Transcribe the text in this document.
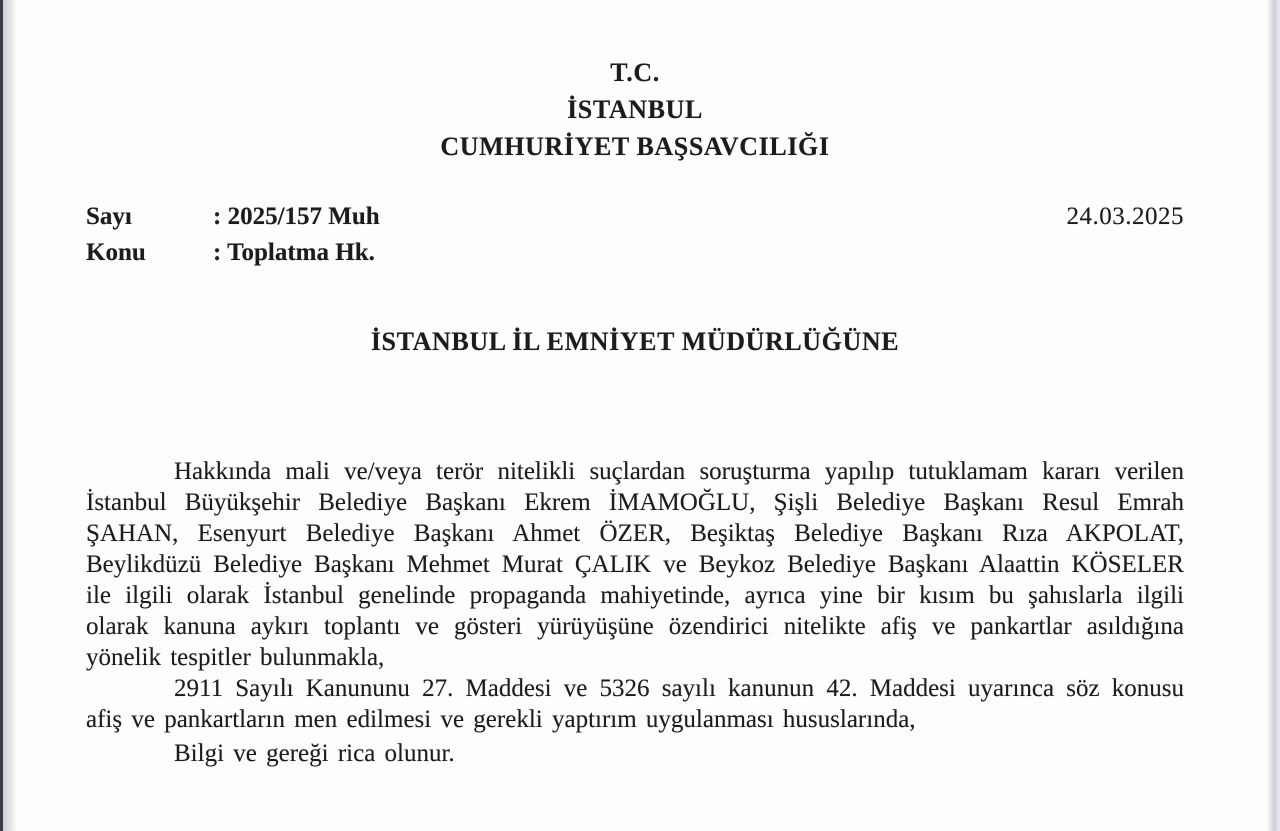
T.C.
İSTANBUL
CUMHURİYET BAŞSAVCILIĞI
Sayı	: 2025/157 Muh	24.03.2025
Konu	: Toplatma Hk.
İSTANBUL İL EMNİYET MÜDÜRLÜĞÜNE

Hakkında mali ve/veya terör nitelikli suçlardan soruşturma yapılıp tutuklamam kararı verilen İstanbul Büyükşehir Belediye Başkanı Ekrem İMAMOĞLU, Şişli Belediye Başkanı Resul Emrah ŞAHAN, Esenyurt Belediye Başkanı Ahmet ÖZER, Beşiktaş Belediye Başkanı Rıza AKPOLAT, Beylikdüzü Belediye Başkanı Mehmet Murat ÇALIK ve Beykoz Belediye Başkanı Alaattin KÖSELER ile ilgili olarak İstanbul genelinde propaganda mahiyetinde, ayrıca yine bir kısım bu şahıslarla ilgili olarak kanuna aykırı toplantı ve gösteri yürüyüşüne özendirici nitelikte afiş ve pankartlar asıldığına yönelik tespitler bulunmakla,

2911 Sayılı Kanununu 27. Maddesi ve 5326 sayılı kanunun 42. Maddesi uyarınca söz konusu afiş ve pankartların men edilmesi ve gerekli yaptırım uygulanması hususlarında,

Bilgi ve gereği rica olunur.
